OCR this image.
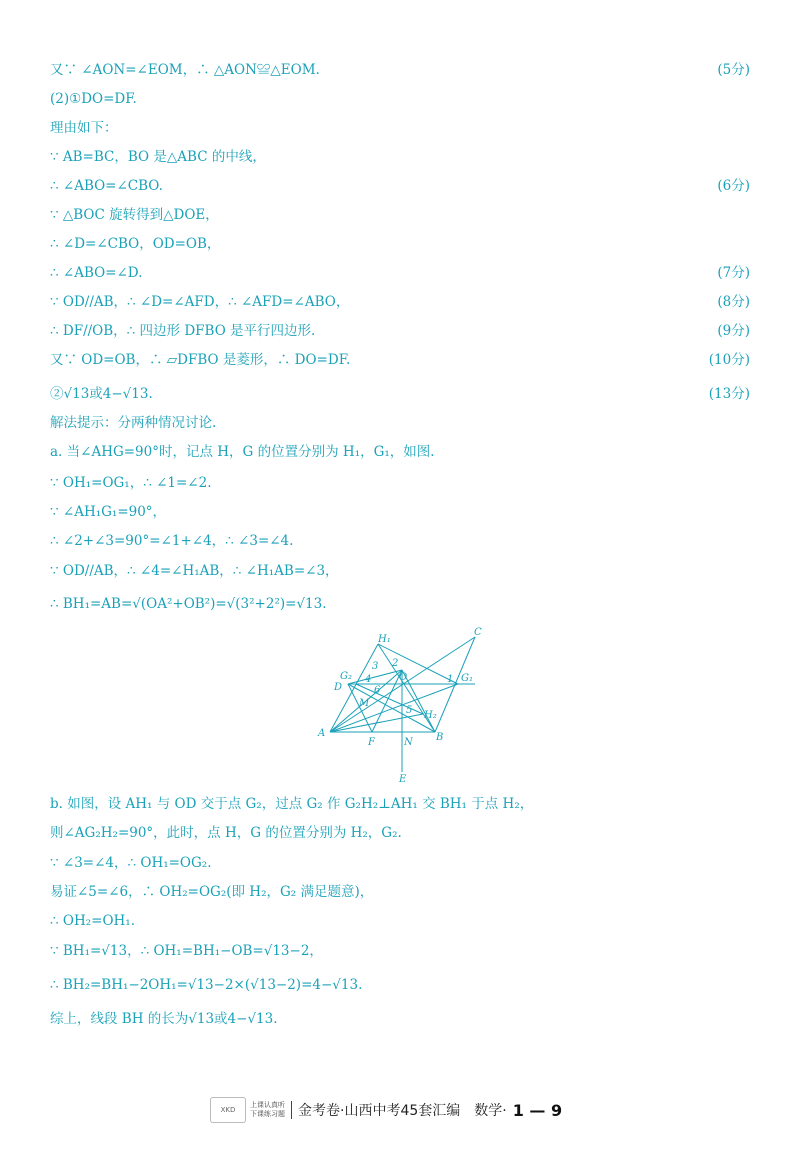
又∵ ∠AON=∠EOM，∴ △AON≌△EOM.	(5分)
(2)①DO=DF.
理由如下：
∵ AB=BC，BO 是△ABC 的中线，
∴ ∠ABO=∠CBO.	(6分)
∵ △BOC 旋转得到△DOE，
∴ ∠D=∠CBO，OD=OB，
∴ ∠ABO=∠D.	(7分)
∵ OD//AB，∴ ∠D=∠AFD，∴ ∠AFD=∠ABO，	(8分)
∴ DF//OB，∴ 四边形 DFBO 是平行四边形.	(9分)
又∵ OD=OB，∴ ▱DFBO 是菱形，∴ DO=DF.	(10分)
②√13或4−√13.	(13分)
解法提示：分两种情况讨论.
a. 当∠AHG=90°时，记点 H，G 的位置分别为 H₁，G₁，如图.
∵ OH₁=OG₁，∴ ∠1=∠2.
∵ ∠AH₁G₁=90°，
∴ ∠2+∠3=90°=∠1+∠4，∴ ∠3=∠4.
∵ OD//AB，∴ ∠4=∠H₁AB，∴ ∠H₁AB=∠3，
∴ BH₁=AB=√(OA²+OB²)=√(3²+2²)=√13.
b. 如图，设 AH₁ 与 OD 交于点 G₂，过点 G₂ 作 G₂H₂⊥AH₁ 交 BH₁ 于点 H₂，
则∠AG₂H₂=90°，此时，点 H，G 的位置分别为 H₂，G₂.
∵ ∠3=∠4，∴ OH₁=OG₂.
易证∠5=∠6，∴ OH₂=OG₂(即 H₂，G₂ 满足题意)，
∴ OH₂=OH₁.
∵ BH₁=√13，∴ OH₁=BH₁−OB=√13−2，
∴ BH₂=BH₁−2OH₁=√13−2×(√13−2)=4−√13.
综上，线段 BH 的长为√13或4−√13.
A	B
C
D
E
F
M
N
O
H₁
H₂
G₁
G₂	1
2
3
4
5
6
XKD
上课认真听
下课练习题 金考卷·山西中考45套汇编　数学· 1 — 9
